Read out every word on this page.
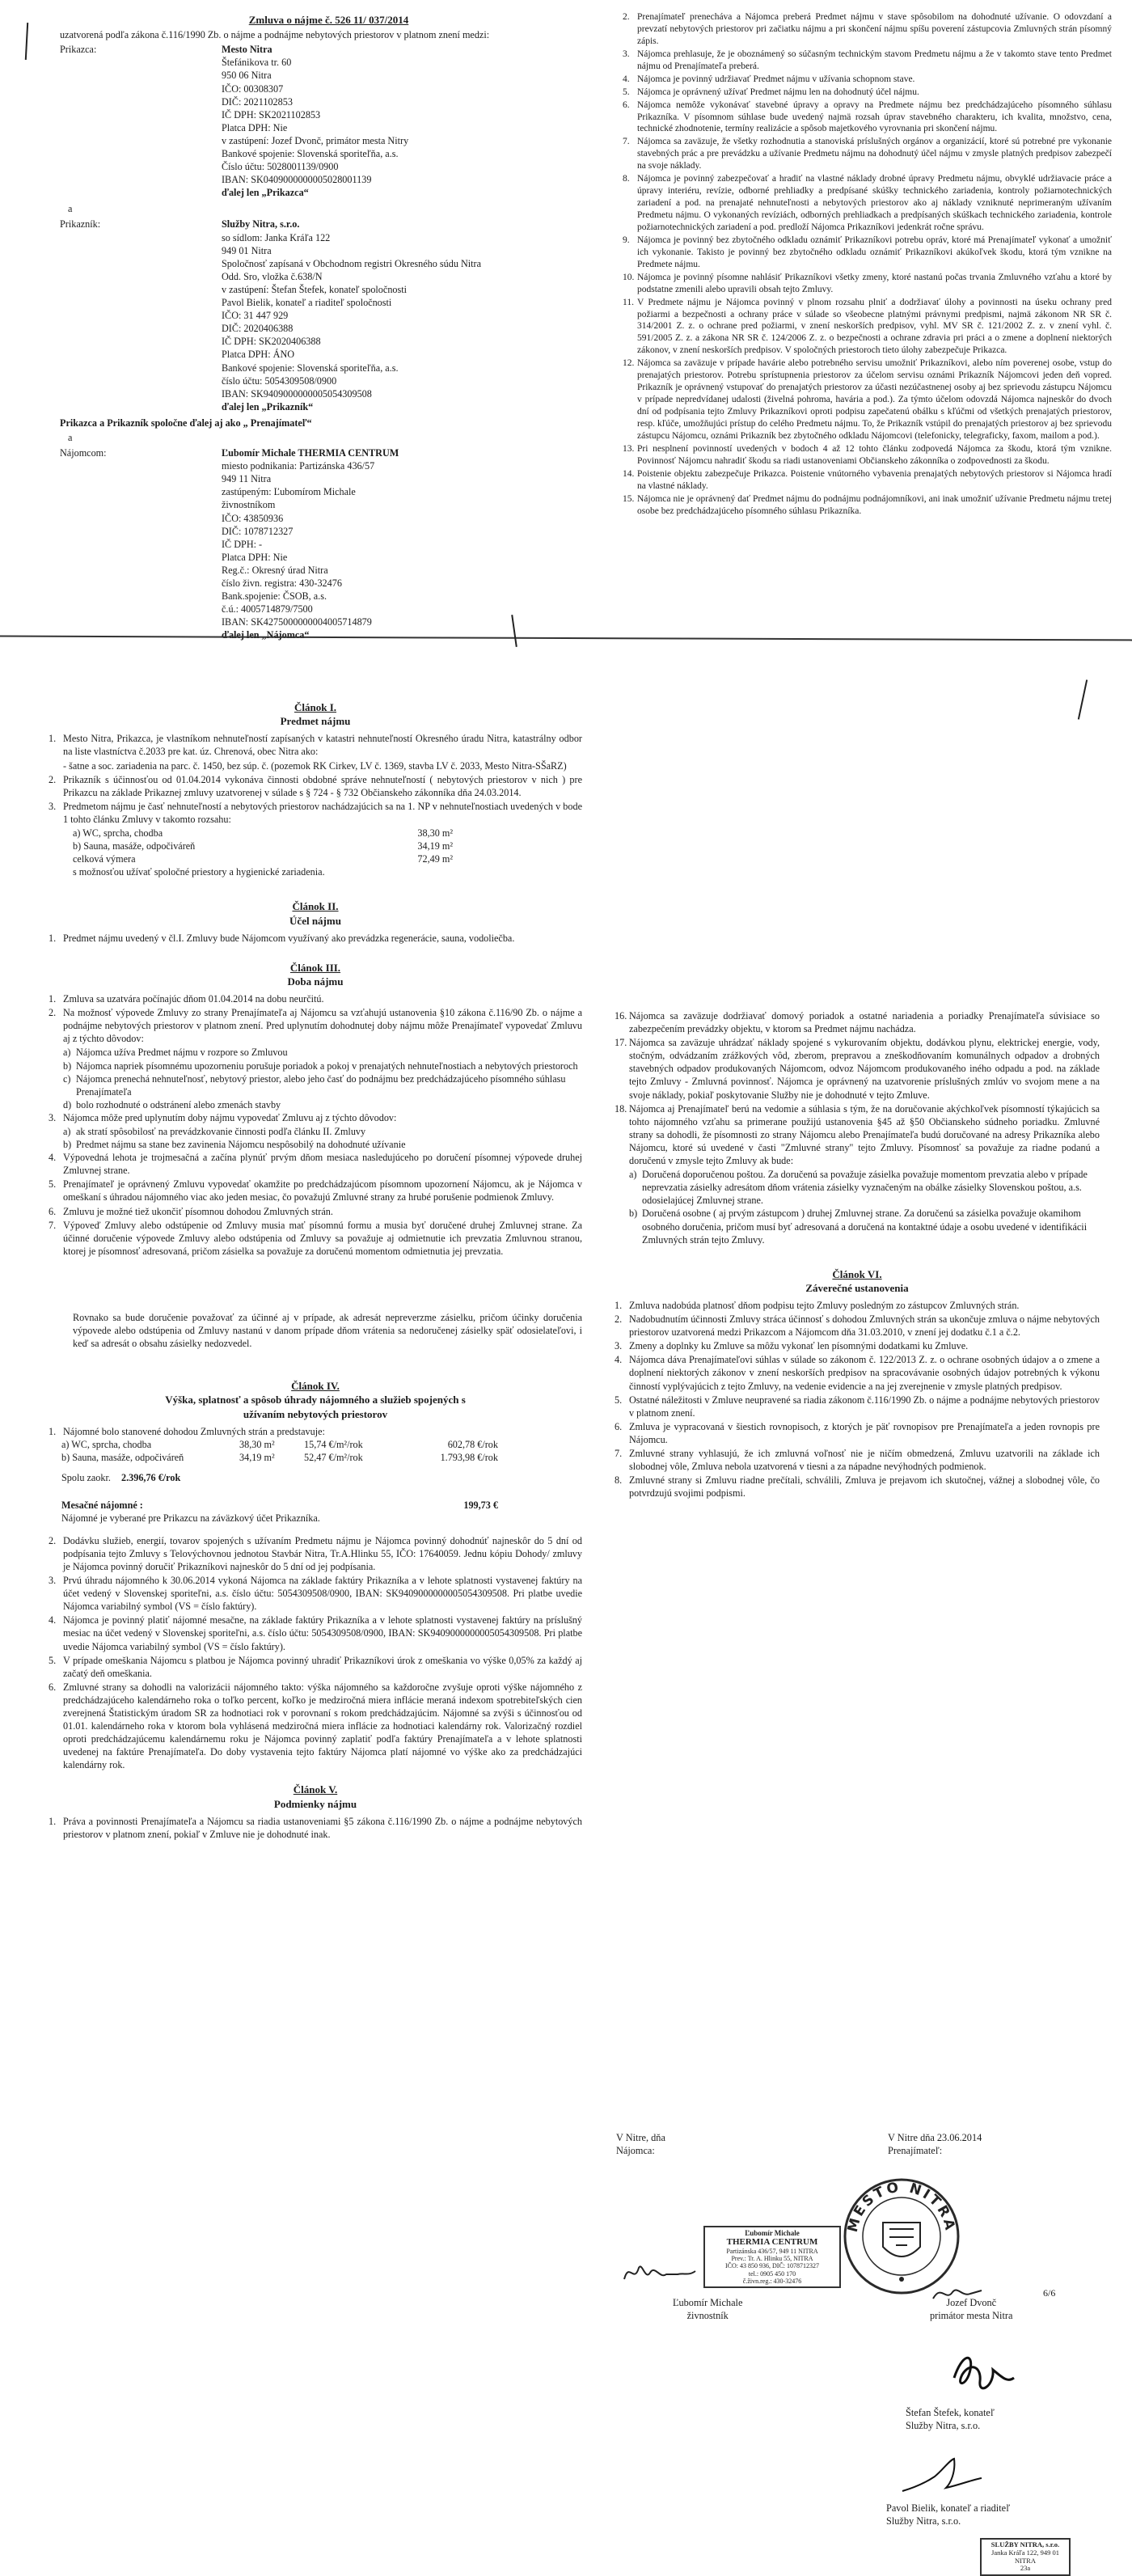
Zmluva o nájme č. 526 11/ 037/2014
uzatvorená podľa zákona č.116/1990 Zb. o nájme a podnájme nebytových priestorov v platnom znení medzi:
Prikazca:	Mesto Nitra
Štefánikova tr. 60
950 06 Nitra
IČO: 00308307
DIČ: 2021102853
IČ DPH: SK2021102853
Platca DPH: Nie
v zastúpení: Jozef Dvonč, primátor mesta Nitry
Bankové spojenie: Slovenská sporiteľňa, a.s.
Číslo účtu: 5028001139/0900
IBAN: SK0409000000005028001139
ďalej len „Prikazca“
a
Prikazník:	Služby Nitra, s.r.o.
so sídlom: Janka Kráľa 122
949 01 Nitra
Spoločnosť zapísaná v Obchodnom registri Okresného súdu Nitra
Odd. Sro, vložka č.638/N
v zastúpení: Štefan Štefek, konateľ spoločnosti
Pavol Bielik, konateľ a riaditeľ spoločnosti
IČO: 31 447 929
DIČ: 2020406388
IČ DPH: SK2020406388
Platca DPH: ÁNO
Bankové spojenie: Slovenská sporiteľňa, a.s.
číslo účtu: 5054309508/0900
IBAN: SK9409000000005054309508
ďalej len „Prikazník“
Prikazca a Prikazník spoločne ďalej aj ako „ Prenajímateľ“
a
Nájomcom:	Ľubomír Michale THERMIA CENTRUM
miesto podnikania: Partizánska 436/57
949 11 Nitra
zastúpeným: Ľubomírom Michale
živnostníkom
IČO: 43850936
DIČ: 1078712327
IČ DPH: -
Platca DPH: Nie
Reg.č.: Okresný úrad Nitra
číslo živn. registra: 430-32476
Bank.spojenie: ČSOB, a.s.
č.ú.: 4005714879/7500
IBAN: SK4275000000004005714879
ďalej len „Nájomca“
2. Prenajímateľ prenecháva a Nájomca preberá Predmet nájmu v stave spôsobilom na dohodnuté užívanie. O odovzdaní a prevzatí nebytových priestorov pri začiatku nájmu a pri skončení nájmu spíšu poverení zástupcovia Zmluvných strán písomný zápis.
3. Nájomca prehlasuje, že je oboznámený so súčasným technickým stavom Predmetu nájmu a že v takomto stave tento Predmet nájmu od Prenajímateľa preberá.
4. Nájomca je povinný udržiavať Predmet nájmu v užívania schopnom stave.
5. Nájomca je oprávnený užívať Predmet nájmu len na dohodnutý účel nájmu.
6. Nájomca nemôže vykonávať stavebné úpravy a opravy na Predmete nájmu bez predchádzajúceho písomného súhlasu Prikazníka. V písomnom súhlase bude uvedený najmä rozsah úprav stavebného charakteru, ich kvalita, množstvo, cena, technické zhodnotenie, termíny realizácie a spôsob majetkového vyrovnania pri skončení nájmu.
7. Nájomca sa zaväzuje, že všetky rozhodnutia a stanoviská príslušných orgánov a organizácií, ktoré sú potrebné pre vykonanie stavebných prác a pre prevádzku a užívanie Predmetu nájmu na dohodnutý účel nájmu v zmysle platných predpisov zabezpečí na svoje náklady.
8. Nájomca je povinný zabezpečovať a hradiť na vlastné náklady drobné úpravy Predmetu nájmu, obvyklé udržiavacie práce a úpravy interiéru, revízie, odborné prehliadky a predpísané skúšky technického zariadenia, kontroly požiarnotechnických zariadení a pod. na prenajaté nehnuteľnosti a nebytových priestorov ako aj náklady vzniknuté neprimeraným užívaním Predmetu nájmu. O vykonaných revíziách, odborných prehliadkach a predpísaných skúškach technického zariadenia, kontrole požiarnotechnických zariadení a pod. predloží Nájomca Prikazníkovi jedenkrát ročne správu.
9. Nájomca je povinný bez zbytočného odkladu oznámiť Prikazníkovi potrebu opráv, ktoré má Prenajímateľ vykonať a umožniť ich vykonanie. Takisto je povinný bez zbytočného odkladu oznámiť Prikazníkovi akúkoľvek škodu, ktorá tým vznikne na Predmete nájmu.
10. Nájomca je povinný písomne nahlásiť Prikazníkovi všetky zmeny, ktoré nastanú počas trvania Zmluvného vzťahu a ktoré by podstatne zmenili alebo upravili obsah tejto Zmluvy.
11. V Predmete nájmu je Nájomca povinný v plnom rozsahu plniť a dodržiavať úlohy a povinnosti na úseku ochrany pred požiarmi a bezpečnosti a ochrany práce v súlade so všeobecne platnými právnymi predpismi, najmä zákonom NR SR č. 314/2001 Z. z. o ochrane pred požiarmi, v znení neskorších predpisov, vyhl. MV SR č. 121/2002 Z. z. v znení vyhl. č. 591/2005 Z. z. a zákona NR SR č. 124/2006 Z. z. o bezpečnosti a ochrane zdravia pri práci a o zmene a doplnení niektorých zákonov, v znení neskorších predpisov. V spoločných priestoroch tieto úlohy zabezpečuje Prikazca.
12. Nájomca sa zaväzuje v prípade havárie alebo potrebného servisu umožniť Prikazníkovi, alebo ním poverenej osobe, vstup do prenajatých priestorov. Potrebu sprístupnenia priestorov za účelom servisu oznámi Prikazník Nájomcovi jeden deň vopred. Prikazník je oprávnený vstupovať do prenajatých priestorov za účasti nezúčastnenej osoby aj bez sprievodu zástupcu Nájomcu v prípade nepredvídanej udalosti (živelná pohroma, havária a pod.). Za týmto účelom odovzdá Nájomca najneskôr do dvoch dní od podpísania tejto Zmluvy Prikazníkovi oproti podpisu zapečatenú obálku s kľúčmi od všetkých prenajatých priestorov, resp. kľúče, umožňujúci prístup do celého Predmetu nájmu. To, že Prikazník vstúpil do prenajatých priestorov aj bez sprievodu zástupcu Nájomcu, oznámi Prikazník bez zbytočného odkladu Nájomcovi (telefonicky, telegraficky, faxom, mailom a pod.).
13. Pri nesplnení povinností uvedených v bodoch 4 až 12 tohto článku zodpovedá Nájomca za škodu, ktorá tým vznikne. Povinnosť Nájomcu nahradiť škodu sa riadi ustanoveniami Občianskeho zákonníka o zodpovednosti za škodu.
14. Poistenie objektu zabezpečuje Prikazca. Poistenie vnútorného vybavenia prenajatých nebytových priestorov si Nájomca hradí na vlastné náklady.
15. Nájomca nie je oprávnený dať Predmet nájmu do podnájmu podnájomníkovi, ani inak umožniť užívanie Predmetu nájmu tretej osobe bez predchádzajúceho písomného súhlasu Prikazníka.
Článok I.
Predmet nájmu
1. Mesto Nitra, Prikazca, je vlastníkom nehnuteľností zapísaných v katastri nehnuteľností Okresného úradu Nitra, katastrálny odbor na liste vlastníctva č.2033 pre kat. úz. Chrenová, obec Nitra ako:
- šatne a soc. zariadenia na parc. č. 1450, bez súp. č. (pozemok RK Cirkev, LV č. 1369, stavba LV č. 2033, Mesto Nitra-SŠaRZ)
2. Prikazník s účinnosťou od 01.04.2014 vykonáva činnosti obdobné správe nehnuteľností ( nebytových priestorov v nich ) pre Prikazcu na základe Prikaznej zmluvy uzatvorenej v súlade s § 724 - § 732 Občianskeho zákonníka dňa 24.03.2014.
3. Predmetom nájmu je časť nehnuteľností a nebytových priestorov nachádzajúcich sa na 1. NP v nehnuteľnostiach uvedených v bode 1 tohto článku Zmluvy v takomto rozsahu:
a) WC, sprcha, chodba	38,30 m²
b) Sauna, masáže, odpočiváreň	34,19 m²
celková výmera	72,49 m²
s možnosťou užívať spoločné priestory a hygienické zariadenia.
Článok II.
Účel nájmu
1. Predmet nájmu uvedený v čl.I. Zmluvy bude Nájomcom využívaný ako prevádzka regenerácie, sauna, vodoliečba.
Článok III.
Doba nájmu
1. Zmluva sa uzatvára počínajúc dňom 01.04.2014 na dobu neurčitú.
2. Na možnosť výpovede Zmluvy zo strany Prenajímateľa aj Nájomcu sa vzťahujú ustanovenia §10 zákona č.116/90 Zb. o nájme a podnájme nebytových priestorov v platnom znení. Pred uplynutím dohodnutej doby nájmu môže Prenajímateľ vypovedať Zmluvu aj z týchto dôvodov:
a) Nájomca užíva Predmet nájmu v rozpore so Zmluvou
b) Nájomca napriek písomnému upozorneniu porušuje poriadok a pokoj v prenajatých nehnuteľnostiach a nebytových priestoroch
c) Nájomca prenechá nehnuteľnosť, nebytový priestor, alebo jeho časť do podnájmu bez predchádzajúceho písomného súhlasu Prenajímateľa
d) bolo rozhodnuté o odstránení alebo zmenách stavby
3. Nájomca môže pred uplynutím doby nájmu vypovedať Zmluvu aj z týchto dôvodov:
a) ak stratí spôsobilosť na prevádzkovanie činnosti podľa článku II. Zmluvy
b) Predmet nájmu sa stane bez zavinenia Nájomcu nespôsobilý na dohodnuté užívanie
4. Výpovedná lehota je trojmesačná a začína plynúť prvým dňom mesiaca nasledujúceho po doručení písomnej výpovede druhej Zmluvnej strane.
5. Prenajímateľ je oprávnený Zmluvu vypovedať okamžite po predchádzajúcom písomnom upozornení Nájomcu, ak je Nájomca v omeškaní s úhradou nájomného viac ako jeden mesiac, čo považujú Zmluvné strany za hrubé porušenie podmienok Zmluvy.
6. Zmluvu je možné tiež ukončiť písomnou dohodou Zmluvných strán.
7. Výpoveď Zmluvy alebo odstúpenie od Zmluvy musia mať písomnú formu a musia byť doručené druhej Zmluvnej strane. Za účinné doručenie výpovede Zmluvy alebo odstúpenia od Zmluvy sa považuje aj odmietnutie ich prevzatia Zmluvnou stranou, ktorej je písomnosť adresovaná, pričom zásielka sa považuje za doručenú momentom odmietnutia jej prevzatia.
Rovnako sa bude doručenie považovať za účinné aj v prípade, ak adresát nepreverzme zásielku, pričom účinky doručenia výpovede alebo odstúpenia od Zmluvy nastanú v danom prípade dňom vrátenia sa nedoručenej zásielky späť odosielateľovi, i keď sa adresát o obsahu zásielky nedozvedel.
Článok IV.
Výška, splatnosť a spôsob úhrady nájomného a služieb spojených s užívaním nebytových priestorov
1. Nájomné bolo stanovené dohodou Zmluvných strán a predstavuje:
a) WC, sprcha, chodba	38,30 m²	15,74 €/m²/rok	602,78 €/rok
b) Sauna, masáže, odpočiváreň	34,19 m²	52,47 €/m²/rok	1.793,98 €/rok
Spolu zaokr. 2.396,76 €/rok
Mesačné nájomné :	199,73 €
Nájomné je vyberané pre Prikazcu na záväzkový účet Prikazníka.
2. Dodávku služieb, energií, tovarov spojených s užívaním Predmetu nájmu je Nájomca povinný dohodnúť najneskôr do 5 dní od podpísania tejto Zmluvy s Telovýchovnou jednotou Stavbár Nitra, Tr.A.Hlinku 55, IČO: 17640059. Jednu kópiu Dohody/ zmluvy je Nájomca povinný doručiť Prikazníkovi najneskôr do 5 dní od jej podpísania.
3. Prvú úhradu nájomného k 30.06.2014 vykoná Nájomca na základe faktúry Prikazníka a v lehote splatnosti vystavenej faktúry na účet vedený v Slovenskej sporiteľni, a.s. číslo účtu: 5054309508/0900, IBAN: SK9409000000005054309508. Pri platbe uvedie Nájomca variabilný symbol (VS = číslo faktúry).
4. Nájomca je povinný platiť nájomné mesačne, na základe faktúry Prikazníka a v lehote splatnosti vystavenej faktúry na príslušný mesiac na účet vedený v Slovenskej sporiteľni, a.s. číslo účtu: 5054309508/0900, IBAN: SK9409000000005054309508. Pri platbe uvedie Nájomca variabilný symbol (VS = číslo faktúry).
5. V prípade omeškania Nájomcu s platbou je Nájomca povinný uhradiť Prikazníkovi úrok z omeškania vo výške 0,05% za každý aj začatý deň omeškania.
6. Zmluvné strany sa dohodli na valorizácii nájomného takto: výška nájomného sa každoročne zvyšuje oproti výške nájomného z predchádzajúceho kalendárneho roka o toľko percent, koľko je medziročná miera inflácie meraná indexom spotrebiteľských cien zverejnená Štatistickým úradom SR za hodnotiaci rok v porovnaní s rokom predchádzajúcim. Nájomné sa zvýši s účinnosťou od 01.01. kalendárneho roka v ktorom bola vyhlásená medziročná miera inflácie za hodnotiaci kalendárny rok. Valorizačný rozdiel oproti predchádzajúcemu kalendárnemu roku je Nájomca povinný zaplatiť podľa faktúry Prenajímateľa a v lehote splatnosti uvedenej na faktúre Prenajímateľa. Do doby vystavenia tejto faktúry Nájomca platí nájomné vo výške ako za predchádzajúci kalendárny rok.
Článok V.
Podmienky nájmu
1. Práva a povinnosti Prenajímateľa a Nájomcu sa riadia ustanoveniami §5 zákona č.116/1990 Zb. o nájme a podnájme nebytových priestorov v platnom znení, pokiaľ v Zmluve nie je dohodnuté inak.
16. Nájomca sa zaväzuje dodržiavať domový poriadok a ostatné nariadenia a poriadky Prenajímateľa súvisiace so zabezpečením prevádzky objektu, v ktorom sa Predmet nájmu nachádza.
17. Nájomca sa zaväzuje uhrádzať náklady spojené s vykurovaním objektu, dodávkou plynu, elektrickej energie, vody, stočným, odvádzaním zrážkových vôd, zberom, prepravou a zneškodňovaním komunálnych odpadov a drobných stavebných odpadov produkovaných Nájomcom, odvoz Nájomcom produkovaného iného odpadu a pod. na základe tejto Zmluvy - Zmluvná povinnosť. Nájomca je oprávnený na uzatvorenie príslušných zmlúv vo svojom mene a na svoje náklady, pokiaľ poskytovanie Služby nie je dohodnuté v tejto Zmluve.
18. Nájomca aj Prenajímateľ berú na vedomie a súhlasia s tým, že na doručovanie akýchkoľvek písomností týkajúcich sa tohto nájomného vzťahu sa primerane použijú ustanovenia §45 až §50 Občianskeho súdneho poriadku. Zmluvné strany sa dohodli, že písomnosti zo strany Nájomcu alebo Prenajímateľa budú doručované na adresy Prikazníka alebo Nájomcu, ktoré sú uvedené v časti "Zmluvné strany" tejto Zmluvy. Písomnosť sa považuje za riadne podanú a doručenú v zmysle tejto Zmluvy ak bude:
a) Doručená doporučenou poštou. Za doručenú sa považuje zásielka považuje momentom prevzatia alebo v prípade neprevzatia zásielky adresátom dňom vrátenia zásielky vyznačeným na obálke zásielky Slovenskou poštou, a.s. odosielajúcej Zmluvnej strane.
b) Doručená osobne ( aj prvým zástupcom ) druhej Zmluvnej strane. Za doručenú sa zásielka považuje okamihom osobného doručenia, pričom musí byť adresovaná a doručená na kontaktné údaje a osobu uvedené v identifikácii Zmluvných strán tejto Zmluvy.
Článok VI.
Záverečné ustanovenia
1. Zmluva nadobúda platnosť dňom podpisu tejto Zmluvy posledným zo zástupcov Zmluvných strán.
2. Nadobudnutím účinnosti Zmluvy stráca účinnosť s dohodou Zmluvných strán sa ukončuje zmluva o nájme nebytových priestorov uzatvorená medzi Prikazcom a Nájomcom dňa 31.03.2010, v znení jej dodatku č.1 a č.2.
3. Zmeny a doplnky ku Zmluve sa môžu vykonať len písomnými dodatkami ku Zmluve.
4. Nájomca dáva Prenajímateľovi súhlas v súlade so zákonom č. 122/2013 Z. z. o ochrane osobných údajov a o zmene a doplnení niektorých zákonov v znení neskorších predpisov na spracovávanie osobných údajov potrebných k výkonu činností vyplývajúcich z tejto Zmluvy, na vedenie evidencie a na jej zverejnenie v zmysle platných predpisov.
5. Ostatné náležitosti v Zmluve neupravené sa riadia zákonom č.116/1990 Zb. o nájme a podnájme nebytových priestorov v platnom znení.
6. Zmluva je vypracovaná v šiestich rovnopisoch, z ktorých je päť rovnopisov pre Prenajímateľa a jeden rovnopis pre Nájomcu.
7. Zmluvné strany vyhlasujú, že ich zmluvná voľnosť nie je ničím obmedzená, Zmluvu uzatvorili na základe ich slobodnej vôle, Zmluva nebola uzatvorená v tiesni a za nápadne nevýhodných podmienok.
8. Zmluvné strany si Zmluvu riadne prečítali, schválili, Zmluva je prejavom ich skutočnej, vážnej a slobodnej vôle, čo potvrdzujú svojimi podpismi.
V Nitre, dňa
Nájomca:
V Nitre dňa 23.06.2014
Prenajímateľ:
Ľubomír Michale
THERMIA CENTRUM
Partizánska 436/57, 949 11 NITRA
Prev.: Tr. A. Hlinku 55, NITRA
IČO: 43 850 936, DIČ: 1078712327
tel.: 0905 450 170
č.živn.reg.: 430-32476
Ľubomír Michale
živnostník
MESTO NITRA
Jozef Dvonč
primátor mesta Nitra
Štefan Štefek, konateľ
Služby Nitra, s.r.o.
Pavol Bielik, konateľ a riaditeľ
Služby Nitra, s.r.o.
SLUŽBY NITRA, s.r.o.
Janka Kráľa 122, 949 01 NITRA
23a
6/6
